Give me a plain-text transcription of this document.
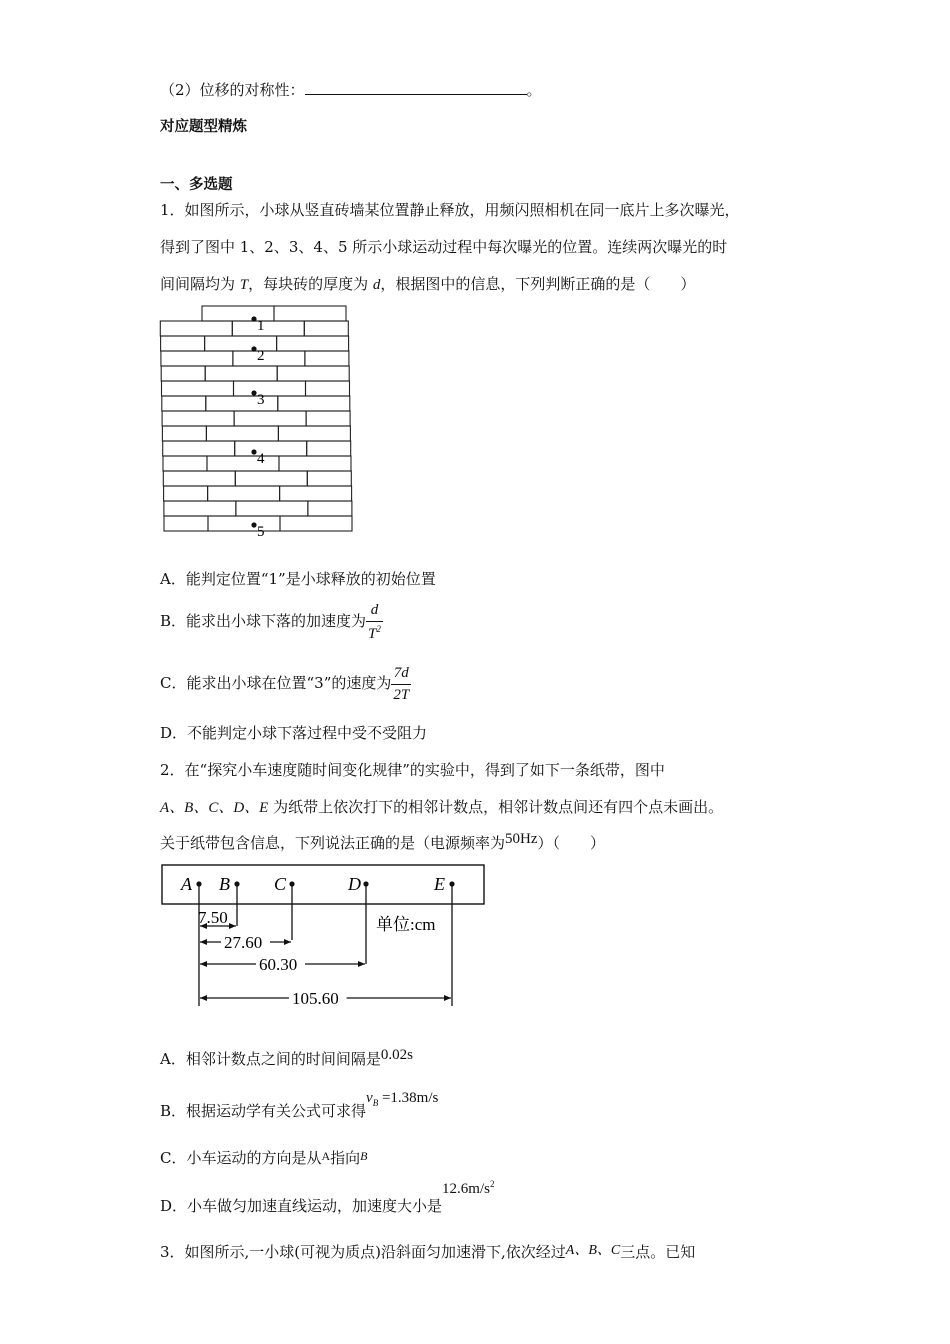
（2）位移的对称性：	。
对应题型精炼
一、多选题
1．如图所示，小球从竖直砖墙某位置静止释放，用频闪照相机在同一底片上多次曝光，
得到了图中 1、2、3、4、5 所示小球运动过程中每次曝光的位置。连续两次曝光的时
间间隔均为 T，每块砖的厚度为 d，根据图中的信息，下列判断正确的是（　　）
1
2
3
4
5
A．能判定位置“1”是小球释放的初始位置
B．能求出小球下落的加速度为 $\frac{d}{T^2}$
C．能求出小球在位置“3”的速度为 $\frac{7d}{2T}$
D．不能判定小球下落过程中受不受阻力
2．在“探究小车速度随时间变化规律”的实验中，得到了如下一条纸带，图中
A、B、C、D、E 为纸带上依次打下的相邻计数点，相邻计数点间还有四个点未画出。
关于纸带包含信息，下列说法正确的是（电源频率为50Hz）（　　）
A B C	D	E
7.50
27.60
60.30
105.60
单位:cm
A．相邻计数点之间的时间间隔是0.02s
B．根据运动学有关公式可求得$v_B =1.38m/s$
C．小车运动的方向是从$^A$指向$^B$
D．小车做匀加速直线运动，加速度大小是$12.6m/s^2$
3．如图所示,一小球(可视为质点)沿斜面匀加速滑下,依次经过A、B、C三点。已知
